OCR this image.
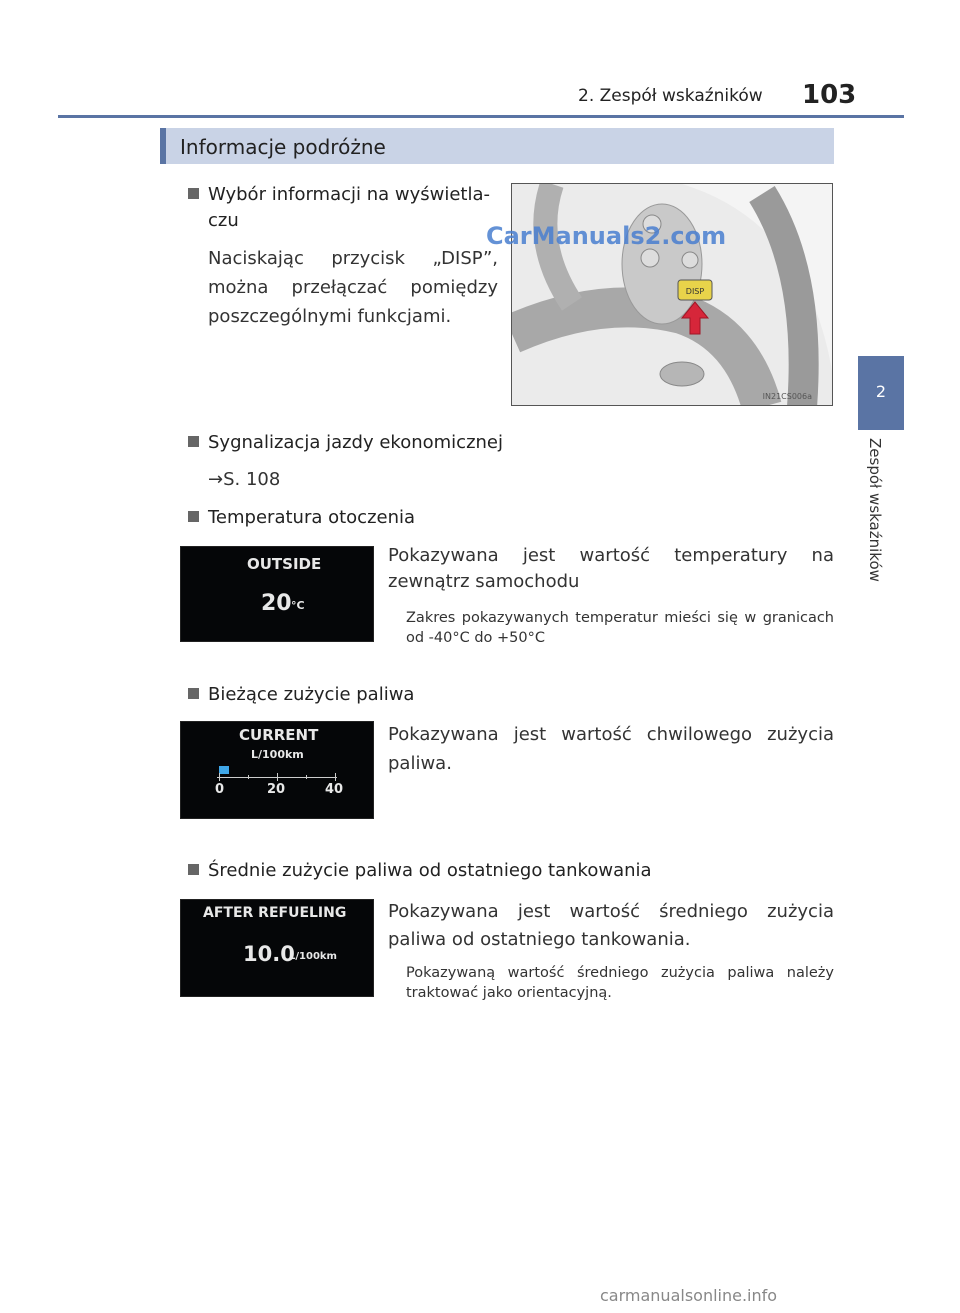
2. Zespół wskaźników 103
2
Zespół wskaźników
Informacje podróżne
Wybór informacji na wyświetla-
czu
Naciskając przycisk „DISP”, można przełączać pomiędzy poszczególnymi funkcjami.
DISP
IN21CS006a
CarManuals2.com
Sygnalizacja jazdy ekonomicznej
→S. 108
Temperatura otoczenia
OUTSIDE
20 °C
Pokazywana jest wartość temperatury na zewnątrz samochodu
Zakres pokazywanych temperatur mieści się w granicach od -40°C do +50°C
Bieżące zużycie paliwa
CURRENT
L/100km
0	20	40
Pokazywana jest wartość chwilowego zużycia paliwa.
Średnie zużycie paliwa od ostatniego tankowania
AFTER REFUELING
10.0
L/100km
Pokazywana jest wartość średniego zużycia paliwa od ostatniego tankowania.
Pokazywaną wartość średniego zużycia paliwa należy traktować jako orientacyjną.
carmanualsonline.info
